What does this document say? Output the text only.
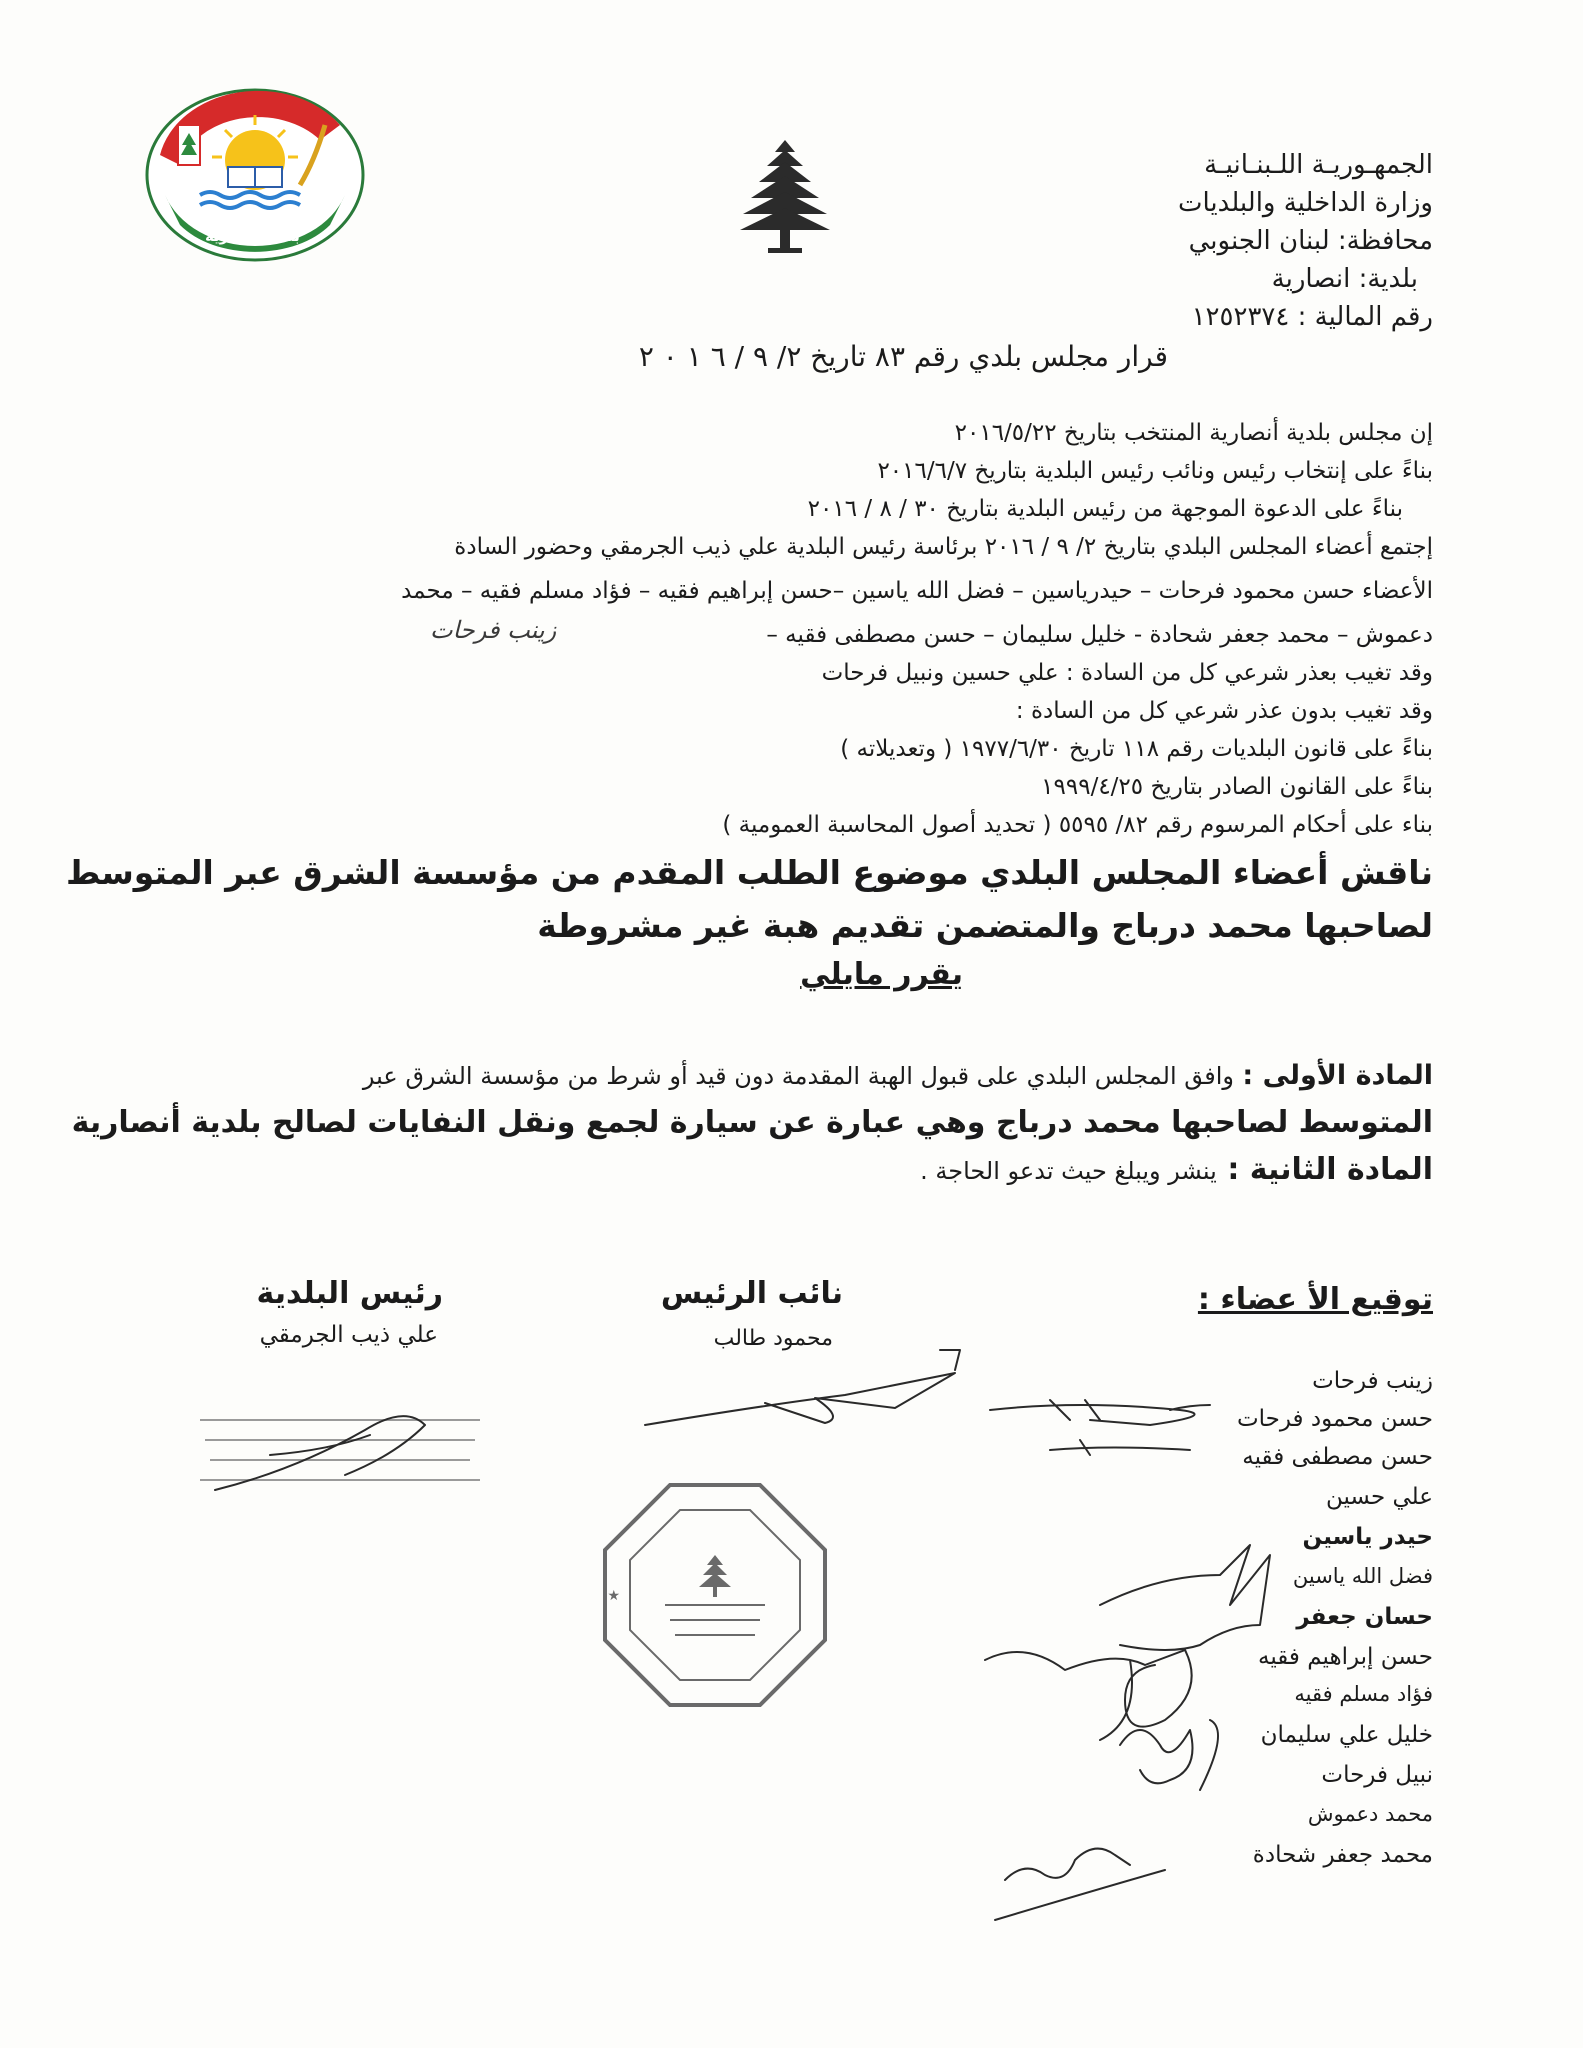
بلدية أنصارية
الجمهـوريـة اللـبنـانيـة
وزارة الداخلية والبلديات
محافظة: لبنان الجنوبي
بلدية: انصارية
رقم المالية : ١٢٥٢٣٧٤
قرار مجلس بلدي رقم ٨٣ تاريخ ٢/ ٩ / ٦ ١ ٠ ٢
إن مجلس بلدية أنصارية المنتخب بتاريخ ٢٠١٦/٥/٢٢
بناءً على إنتخاب رئيس ونائب رئيس البلدية بتاريخ ٢٠١٦/٦/٧
بناءً على الدعوة الموجهة من رئيس البلدية بتاريخ ٣٠ / ٨ / ٢٠١٦
إجتمع أعضاء المجلس البلدي بتاريخ ٢/ ٩ / ٢٠١٦ برئاسة رئيس البلدية علي ذيب الجرمقي وحضور السادة
الأعضاء حسن محمود فرحات – حيدرياسين – فضل الله ياسين –حسن إبراهيم فقيه – فؤاد مسلم فقيه – محمد
دعموش – محمد جعفر شحادة - خليل سليمان – حسن مصطفى فقيه –
زينب فرحات
وقد تغيب بعذر شرعي كل من السادة : علي حسين ونبيل فرحات
وقد تغيب بدون عذر شرعي كل من السادة :
بناءً على قانون البلديات رقم ١١٨ تاريخ ١٩٧٧/٦/٣٠ ( وتعديلاته )
بناءً على القانون الصادر بتاريخ ١٩٩٩/٤/٢٥
بناء على أحكام المرسوم رقم ٨٢/ ٥٥٩٥ ( تحديد أصول المحاسبة العمومية )
ناقش أعضاء المجلس البلدي موضوع الطلب المقدم من مؤسسة الشرق عبر المتوسط
لصاحبها محمد درباج والمتضمن تقديم هبة غير مشروطة
يقرر مايلي
المادة الأولى : وافق المجلس البلدي على قبول الهبة المقدمة دون قيد أو شرط من مؤسسة الشرق عبر
المتوسط لصاحبها محمد درباج وهي عبارة عن سيارة لجمع ونقل النفايات لصالح بلدية أنصارية
المادة الثانية : ينشر ويبلغ حيث تدعو الحاجة .
توقيع الأ عضاء :
نائب الرئيس
محمود طالب
رئيس البلدية
علي ذيب الجرمقي
زينب فرحات
حسن محمود فرحات
حسن مصطفى فقيه
علي حسين
حيدر ياسين
فضل الله ياسين
حسان جعفر
حسن إبراهيم فقيه
فؤاد مسلم فقيه
خليل علي سليمان
نبيل فرحات
محمد دعموش
محمد جعفر شحادة
★
